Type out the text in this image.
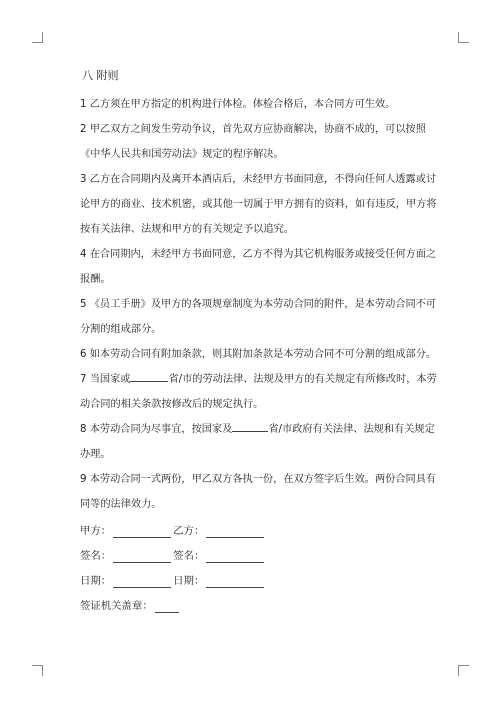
八 附则

1 乙方须在甲方指定的机构进行体检。体检合格后，本合同方可生效。

2 甲乙双方之间发生劳动争议，首先双方应协商解决，协商不成的，可以按照《中华人民共和国劳动法》规定的程序解决。

3 乙方在合同期内及离开本酒店后，未经甲方书面同意，不得向任何人透露或讨论甲方的商业、技术机密，或其他一切属于甲方拥有的资料，如有违反，甲方将按有关法律、法规和甲方的有关规定予以追究。

4 在合同期内，未经甲方书面同意，乙方不得为其它机构服务或接受任何方面之报酬。

5 《员工手册》及甲方的各项规章制度为本劳动合同的附件，是本劳动合同不可分割的组成部分。

6 如本劳动合同有附加条款，则其附加条款是本劳动合同不可分割的组成部分。

7 当国家或	省/市的劳动法律、法规及甲方的有关规定有所修改时，本劳动合同的相关条款按修改后的规定执行。

8 本劳动合同为尽事宜，按国家及	省/市政府有关法律、法规和有关规定办理。

9 本劳动合同一式两份，甲乙双方各执一份，在双方签字后生效。两份合同具有同等的法律效力。

甲方：	乙方：
签名：	签名：
日期：	日期：
签证机关盖章：
